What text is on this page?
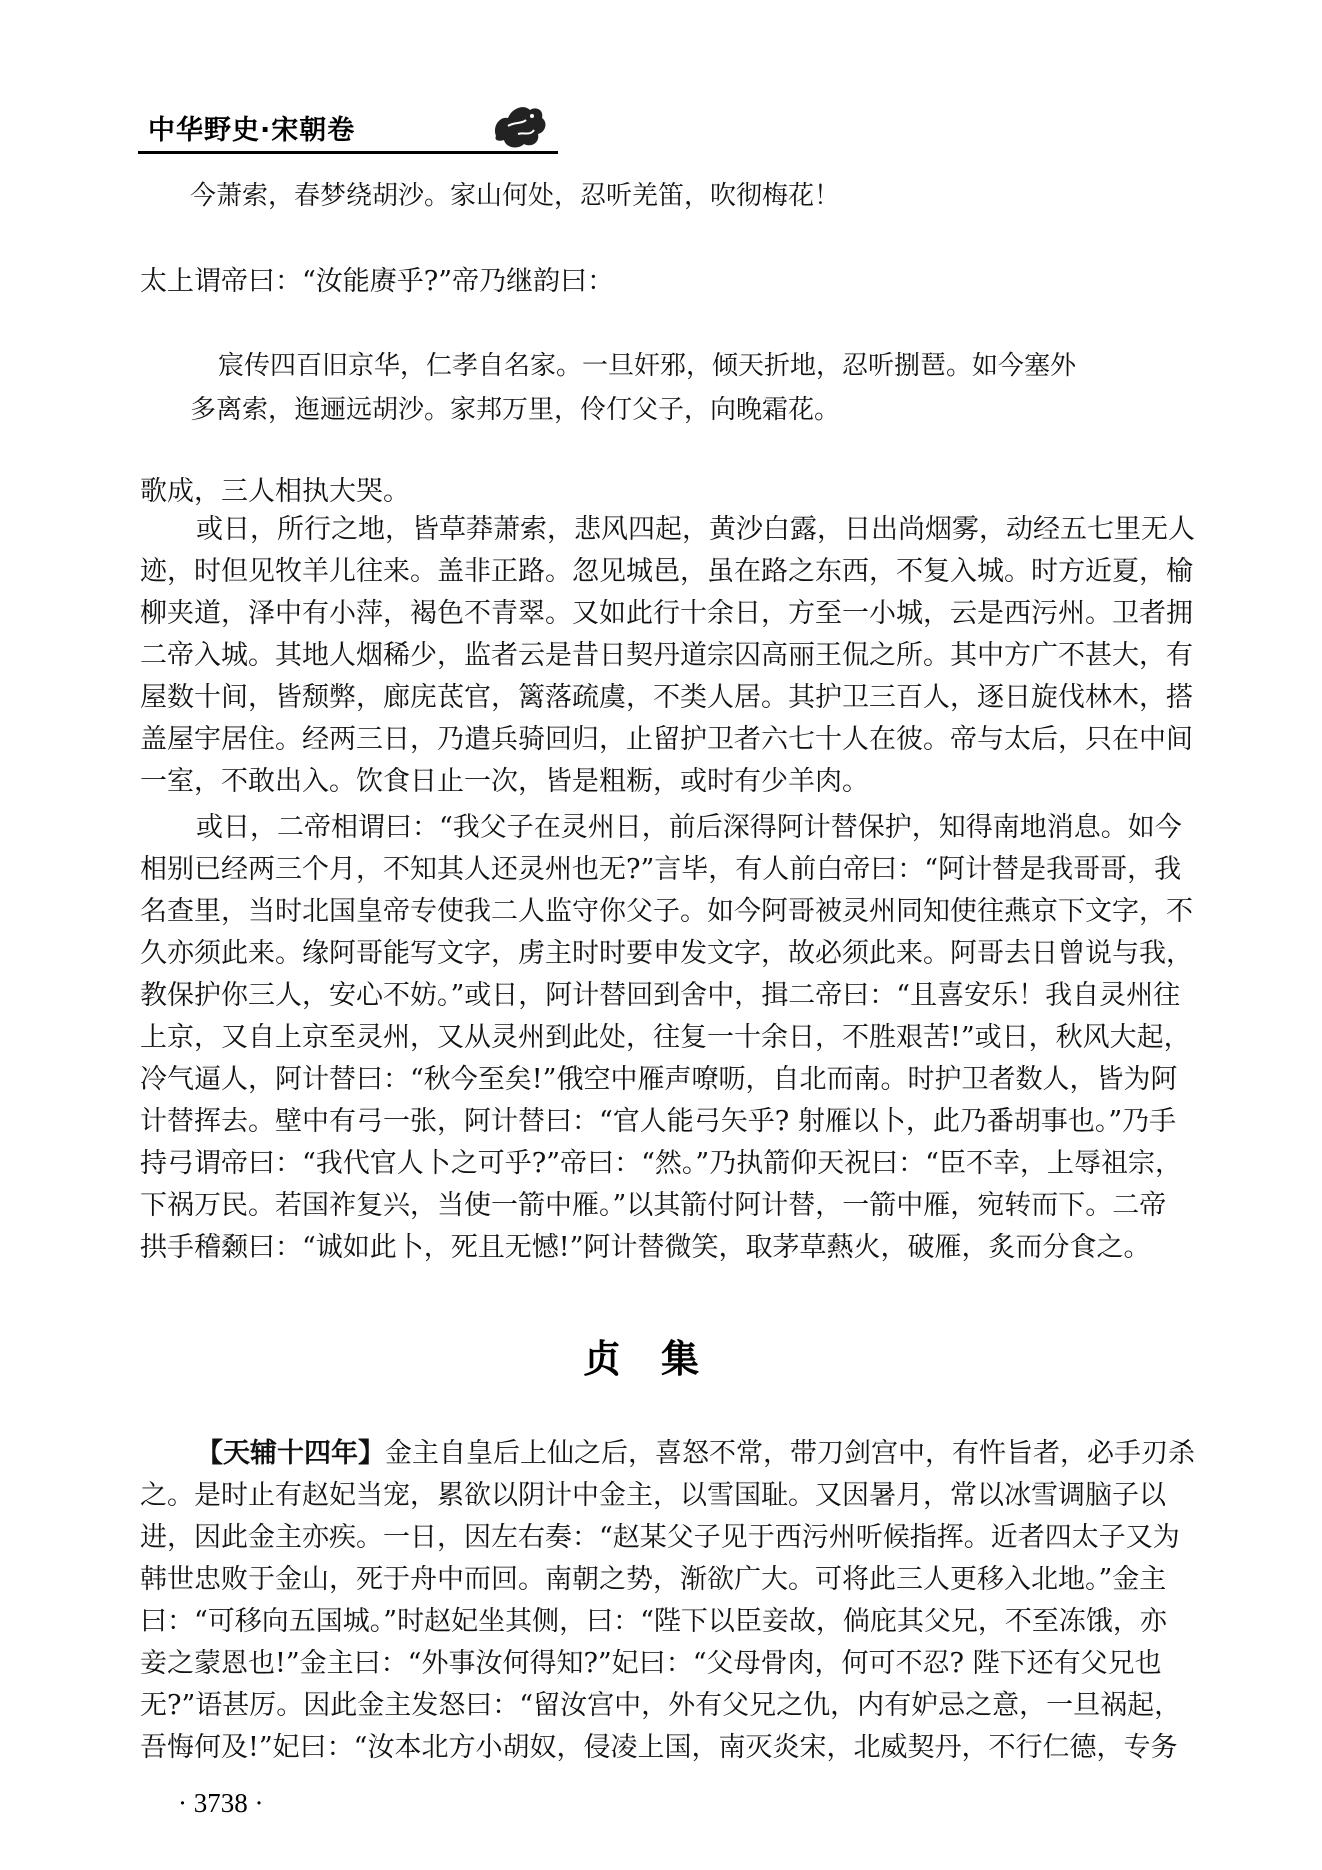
中华野史·宋朝卷
今萧索，春梦绕胡沙。家山何处，忍听羌笛，吹彻梅花！
太上谓帝曰：“汝能赓乎?”帝乃继韵曰：
宸传四百旧京华，仁孝自名家。一旦奸邪，倾天折地，忍听捌琶。如今塞外
多离索，迤逦远胡沙。家邦万里，伶仃父子，向晚霜花。
歌成，三人相执大哭。
或日，所行之地，皆草莽萧索，悲风四起，黄沙白露，日出尚烟雾，动经五七里无人
迹，时但见牧羊儿往来。盖非正路。忽见城邑，虽在路之东西，不复入城。时方近夏，榆
柳夹道，泽中有小萍，褐色不青翠。又如此行十余日，方至一小城，云是西污州。卫者拥
二帝入城。其地人烟稀少，监者云是昔日契丹道宗囚高丽王侃之所。其中方广不甚大，有
屋数十间，皆颓弊，廊庑茋官，篱落疏虞，不类人居。其护卫三百人，逐日旋伐林木，搭
盖屋宇居住。经两三日，乃遣兵骑回归，止留护卫者六七十人在彼。帝与太后，只在中间
一室，不敢出入。饮食日止一次，皆是粗粝，或时有少羊肉。
或日，二帝相谓曰：“我父子在灵州日，前后深得阿计替保护，知得南地消息。如今
相别已经两三个月，不知其人还灵州也无?”言毕，有人前白帝曰：“阿计替是我哥哥，我
名查里，当时北国皇帝专使我二人监守你父子。如今阿哥被灵州同知使往燕京下文字，不
久亦须此来。缘阿哥能写文字，虏主时时要申发文字，故必须此来。阿哥去日曾说与我，
教保护你三人，安心不妨。”或日，阿计替回到舍中，揖二帝曰：“且喜安乐！我自灵州往
上京，又自上京至灵州，又从灵州到此处，往复一十余日，不胜艰苦!”或日，秋风大起，
冷气逼人，阿计替曰：“秋今至矣!”俄空中雁声嘹呖，自北而南。时护卫者数人，皆为阿
计替挥去。壁中有弓一张，阿计替曰：“官人能弓矢乎? 射雁以卜，此乃番胡事也。”乃手
持弓谓帝曰：“我代官人卜之可乎?”帝曰：“然。”乃执箭仰天祝曰：“臣不幸，上辱祖宗，
下祸万民。若国祚复兴，当使一箭中雁。”以其箭付阿计替，一箭中雁，宛转而下。二帝
拱手稽颡曰：“诚如此卜，死且无憾!”阿计替微笑，取茅草爇火，破雁，炙而分食之。
贞集
【天辅十四年】金主自皇后上仙之后，喜怒不常，带刀剑宫中，有忤旨者，必手刃杀
之。是时止有赵妃当宠，累欲以阴计中金主，以雪国耻。又因暑月，常以冰雪调脑子以
进，因此金主亦疾。一日，因左右奏：“赵某父子见于西污州听候指挥。近者四太子又为
韩世忠败于金山，死于舟中而回。南朝之势，渐欲广大。可将此三人更移入北地。”金主
曰：“可移向五国城。”时赵妃坐其侧，曰：“陛下以臣妾故，倘庇其父兄，不至冻饿，亦
妾之蒙恩也!”金主曰：“外事汝何得知?”妃曰：“父母骨肉，何可不忍? 陛下还有父兄也
无?”语甚厉。因此金主发怒曰：“留汝宫中，外有父兄之仇，内有妒忌之意，一旦祸起，
吾悔何及!”妃曰：“汝本北方小胡奴，侵凌上国，南灭炎宋，北威契丹，不行仁德，专务
· 3738 ·
